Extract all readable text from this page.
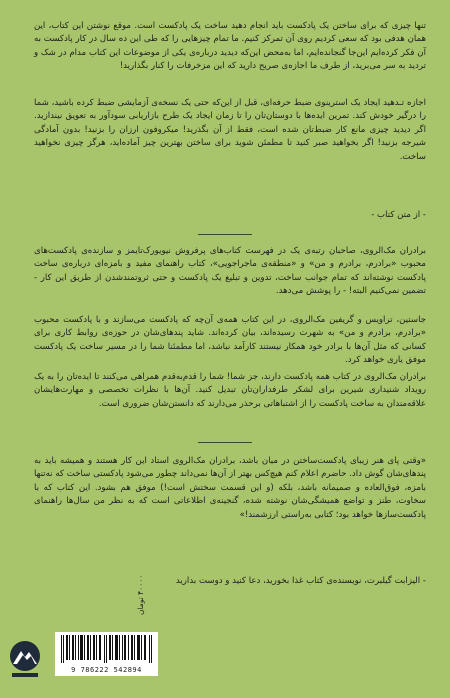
تنها چیزی که برای ساختن یک پادکست باید انجام دهید ساخت یک پادکست است. موقع نوشتن این کتاب، این همان هدفی بود که سعی کردیم روی آن تمرکز کنیم. ما تمام چیزهایی را که طی این ده سال در کار پادکست به آن فکر کرده‌ایم این‌جا گنجانده‌ایم، اما به‌محض این‌که دیدید درباره‌ی یکی از موضوعات این کتاب مدام در شک و تردید به سر می‌برید، از طرف ما اجازه‌ی صریح دارید که این مزخرفات را کنار بگذارید!

اجازه تـدهید ایجاد یک استرینوی ضبط حرفه‌ای، قبل از این‌که حتی یک نسخه‌ی آزمایشی ضبط کرده باشید، شما را درگیر خودش کند. تمرین ایده‌ها با دوستان‌تان را تا زمان ایجاد یک طرح بازاریابی سودآور به تعویق نیندازید. اگر دیدید چیزی مانع کار ضبط‌تان شده است، فقط از آن بگذرید! میکروفون ارزان را بزنید! بدون آمادگی شیرجه بزنید! اگر بخواهید صبر کنید تا مطمئن شوید برای ساختن بهترین چیز آماده‌اید، هرگز چیزی نخواهید ساخت.

- از متن کتاب -

برادران مک‌الروی، صاحبان رتبه‌ی یک در فهرست کتاب‌های پرفروش نیویورک‌تایمز و سازنده‌ی پادکست‌های محبوب «برادرم، برادرم و من» و «منطقه‌ی ماجراجویی»، کتاب راهنمای مفید و بامزه‌ای درباره‌ی ساخت پادکست نوشته‌اند که تمام جوانب ساخت، تدوین و تبلیغ یک پادکست و حتی ثروتمندشدن از طریق این کار - تضمین نمی‌کنیم البته! - را پوشش می‌دهد.

جاستین، تراویس و گریفین مک‌الروی، در این کتاب همه‌ی آن‌چه که پادکست می‌سازند و با پادکست محبوب «برادرم، برادرم و من» به شهرت رسیده‌اند، بیان کرده‌اند. شاید پندهای‌شان در حوزه‌ی روابط کاری برای کسانی که مثل آن‌ها با برادر خود همکار نیستند کارآمد نباشد، اما مطمئنا شما را در مسیر ساخت یک پادکست موفق یاری خواهد کرد.

برادران مک‌الروی در کتاب همه پادکست دارند، جز شما! شما را قدم‌به‌قدم همراهی می‌کنند تا ایده‌تان را به یک رویداد شنیداری شیرین برای لشکر طرفداران‌تان تبدیل کنید. آن‌ها با نظرات تخصصی و مهارت‌هایشان علاقه‌مندان به ساخت پادکست را از اشتباهاتی برحذر می‌دارند که دانستن‌شان ضروری است.

«وقتی پای هنر زیبای پادکست‌ساختن در میان باشد، برادران مک‌الروی استاد این کار هستند و همیشه باید به پندهای‌شان گوش داد. حاضرم اعلام کنم هیچ‌کس بهتر از آن‌ها نمی‌داند چطور می‌شود پادکستی ساخت که نه‌تنها بامزه، فوق‌العاده و صمیمانه باشد، بلکه (و این قسمت سختش است!) موفق هم بشود. این کتاب که با سخاوت، طنز و تواضع همیشگی‌شان نوشته شده، گنجینه‌ی اطلاعاتی است که به نظر من سال‌ها راهنمای پادکست‌سازها خواهد بود؛ کتابی به‌راستی ارزشمند!»

- الیزابت گیلبرت، نویسنده‌ی کتاب غذا بخورید، دعا کنید و دوست بدارید
۴۰۰۰۰ تومان
9 786222 542894
